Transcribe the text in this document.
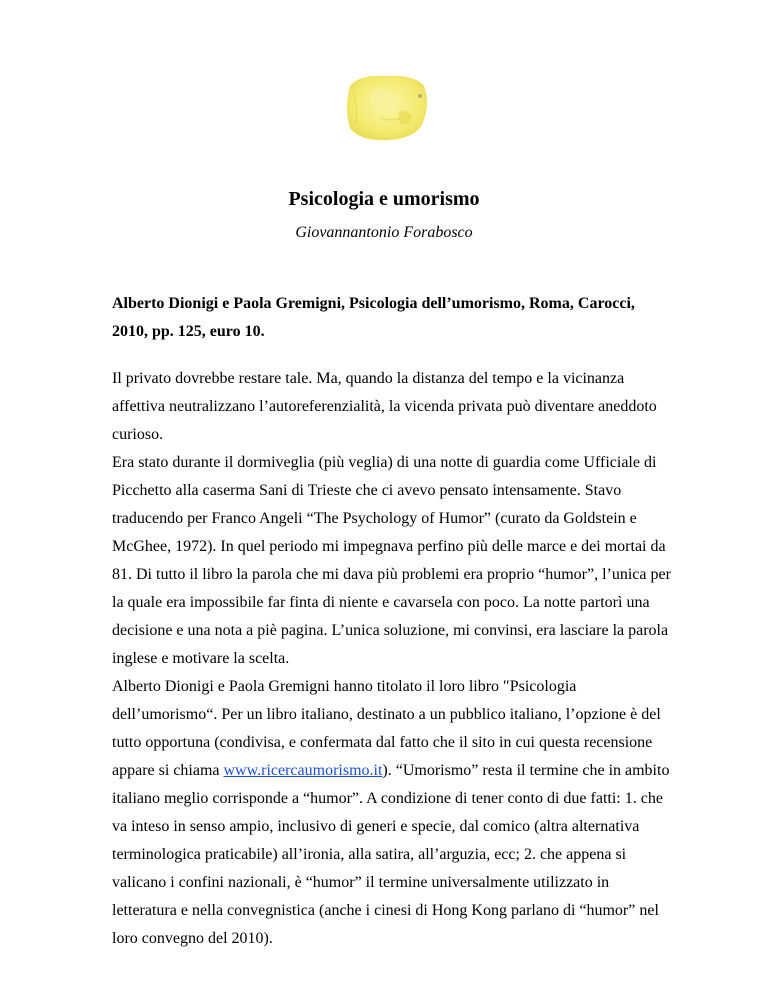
Psicologia e umorismo

Giovannantonio Forabosco

Alberto Dionigi e Paola Gremigni, Psicologia dell’umorismo, Roma, Carocci, 2010, pp. 125, euro 10.

Il privato dovrebbe restare tale. Ma, quando la distanza del tempo e la vicinanza affettiva neutralizzano l’autoreferenzialità, la vicenda privata può diventare aneddoto curioso.

Era stato durante il dormiveglia (più veglia) di una notte di guardia come Ufficiale di Picchetto alla caserma Sani di Trieste che ci avevo pensato intensamente. Stavo traducendo per Franco Angeli “The Psychology of Humor” (curato da Goldstein e McGhee, 1972). In quel periodo mi impegnava perfino più delle marce e dei mortai da 81. Di tutto il libro la parola che mi dava più problemi era proprio “humor”, l’unica per la quale era impossibile far finta di niente e cavarsela con poco. La notte partorì una decisione e una nota a piè pagina. L’unica soluzione, mi convinsi, era lasciare la parola inglese e motivare la scelta.

Alberto Dionigi e Paola Gremigni hanno titolato il loro libro ″Psicologia dell’umorismo“. Per un libro italiano, destinato a un pubblico italiano, l’opzione è del tutto opportuna (condivisa, e confermata dal fatto che il sito in cui questa recensione appare si chiama www.ricercaumorismo.it). “Umorismo” resta il termine che in ambito italiano meglio corrisponde a “humor”. A condizione di tener conto di due fatti: 1. che va inteso in senso ampio, inclusivo di generi e specie, dal comico (altra alternativa terminologica praticabile) all’ironia, alla satira, all’arguzia, ecc; 2. che appena si valicano i confini nazionali, è “humor” il termine universalmente utilizzato in letteratura e nella convegnistica (anche i cinesi di Hong Kong parlano di “humor” nel loro convegno del 2010).
